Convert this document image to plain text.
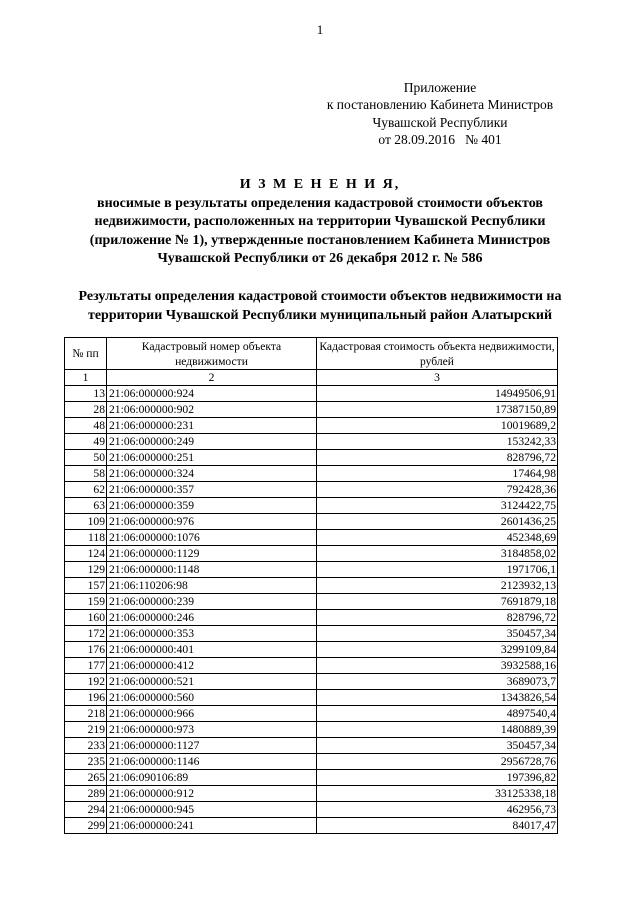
1
Приложение
к постановлению Кабинета Министров
Чувашской Республики
от 28.09.2016   № 401
И З М Е Н Е Н И Я,
вносимые в результаты определения кадастровой стоимости объектов
недвижимости, расположенных на территории Чувашской Республики
(приложение № 1), утвержденные постановлением Кабинета Министров
Чувашской Республики от 26 декабря 2012 г. № 586
Результаты определения кадастровой стоимости объектов недвижимости на
территории Чувашской Республики муниципальный район Алатырский
№ пп	Кадастровый номер объекта недвижимости	Кадастровая стоимость объекта недвижимости, рублей
1	2	3
13	21:06:000000:924	14949506,91
28	21:06:000000:902	17387150,89
48	21:06:000000:231	10019689,2
49	21:06:000000:249	153242,33
50	21:06:000000:251	828796,72
58	21:06:000000:324	17464,98
62	21:06:000000:357	792428,36
63	21:06:000000:359	3124422,75
109	21:06:000000:976	2601436,25
118	21:06:000000:1076	452348,69
124	21:06:000000:1129	3184858,02
129	21:06:000000:1148	1971706,1
157	21:06:110206:98	2123932,13
159	21:06:000000:239	7691879,18
160	21:06:000000:246	828796,72
172	21:06:000000:353	350457,34
176	21:06:000000:401	3299109,84
177	21:06:000000:412	3932588,16
192	21:06:000000:521	3689073,7
196	21:06:000000:560	1343826,54
218	21:06:000000:966	4897540,4
219	21:06:000000:973	1480889,39
233	21:06:000000:1127	350457,34
235	21:06:000000:1146	2956728,76
265	21:06:090106:89	197396,82
289	21:06:000000:912	33125338,18
294	21:06:000000:945	462956,73
299	21:06:000000:241	84017,47
